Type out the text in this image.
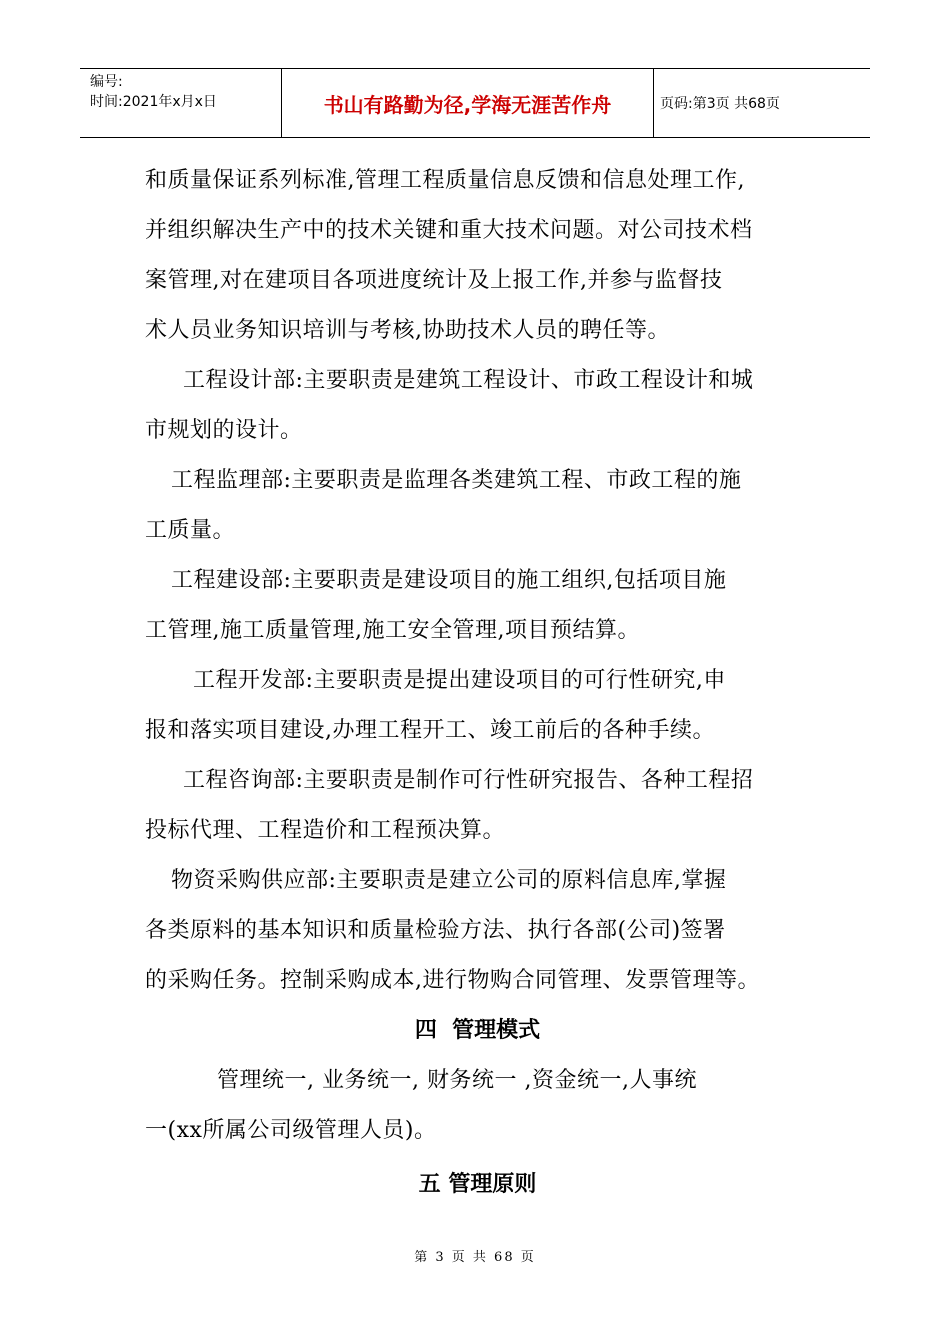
编号:
时间:2021年x月x日	书山有路勤为径,学海无涯苦作舟	页码:第3页 共68页

和质量保证系列标准,管理工程质量信息反馈和信息处理工作,

并组织解决生产中的技术关键和重大技术问题。对公司技术档

案管理,对在建项目各项进度统计及上报工作,并参与监督技

术人员业务知识培训与考核,协助技术人员的聘任等。

工程设计部:主要职责是建筑工程设计、市政工程设计和城

市规划的设计。

工程监理部:主要职责是监理各类建筑工程、市政工程的施

工质量。

工程建设部:主要职责是建设项目的施工组织,包括项目施

工管理,施工质量管理,施工安全管理,项目预结算。

工程开发部:主要职责是提出建设项目的可行性研究,申

报和落实项目建设,办理工程开工、竣工前后的各种手续。

工程咨询部:主要职责是制作可行性研究报告、各种工程招

投标代理、工程造价和工程预决算。

物资采购供应部:主要职责是建立公司的原料信息库,掌握

各类原料的基本知识和质量检验方法、执行各部(公司)签署

的采购任务。控制采购成本,进行物购合同管理、发票管理等。

四  管理模式

管理统一, 业务统一, 财务统一 ,资金统一,人事统

一(xx所属公司级管理人员)。

五 管理原则

第 3 页 共 68 页
